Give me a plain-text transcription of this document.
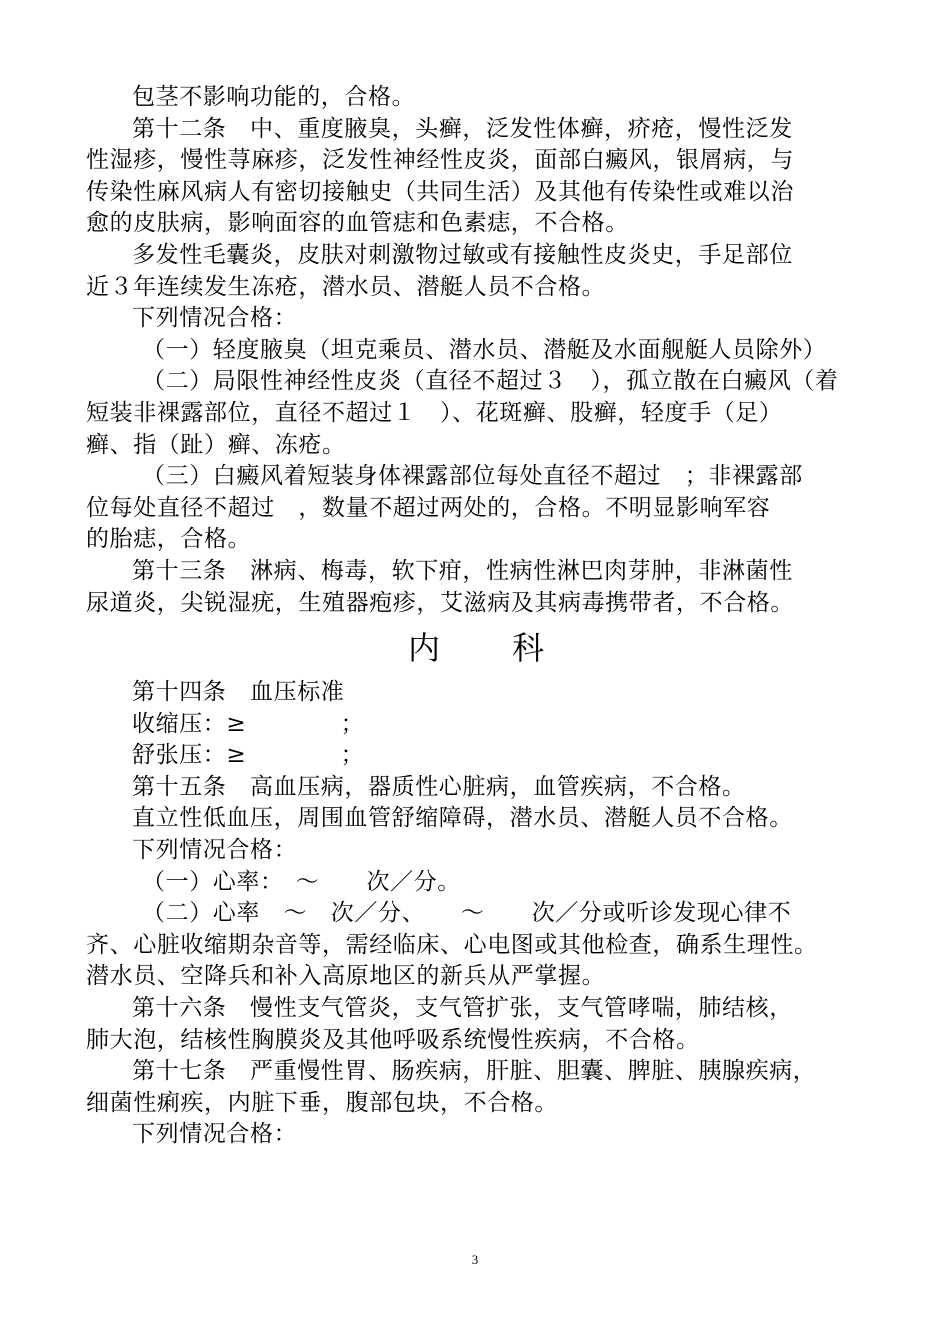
包茎不影响功能的，合格。
第十二条　中、重度腋臭，头癣，泛发性体癣，疥疮，慢性泛发
性湿疹，慢性荨麻疹，泛发性神经性皮炎，面部白癜风，银屑病，与
传染性麻风病人有密切接触史（共同生活）及其他有传染性或难以治
愈的皮肤病，影响面容的血管痣和色素痣，不合格。
多发性毛囊炎，皮肤对刺激物过敏或有接触性皮炎史，手足部位
近３年连续发生冻疮，潜水员、潜艇人员不合格。
下列情况合格：
（一）轻度腋臭（坦克乘员、潜水员、潜艇及水面舰艇人员除外）
（二）局限性神经性皮炎（直径不超过３　），孤立散在白癜风（着
短装非裸露部位，直径不超过１　）、花斑癣、股癣，轻度手（足）
癣、指（趾）癣、冻疮。
（三）白癜风着短装身体裸露部位每处直径不超过　；非裸露部
位每处直径不超过　，数量不超过两处的，合格。不明显影响军容
的胎痣，合格。
第十三条　淋病、梅毒，软下疳，性病性淋巴肉芽肿，非淋菌性
尿道炎，尖锐湿疣，生殖器疱疹，艾滋病及其病毒携带者，不合格。
内科
第十四条　血压标准
收缩压：≥　　　　；
舒张压：≥　　　　；
第十五条　高血压病，器质性心脏病，血管疾病，不合格。
直立性低血压，周围血管舒缩障碍，潜水员、潜艇人员不合格。
下列情况合格：
（一）心率：　～　　次／分。
（二）心率　～　次／分、　　～　　次／分或听诊发现心律不
齐、心脏收缩期杂音等，需经临床、心电图或其他检查，确系生理性。
潜水员、空降兵和补入高原地区的新兵从严掌握。
第十六条　慢性支气管炎，支气管扩张，支气管哮喘，肺结核，
肺大泡，结核性胸膜炎及其他呼吸系统慢性疾病，不合格。
第十七条　严重慢性胃、肠疾病，肝脏、胆囊、脾脏、胰腺疾病，
细菌性痢疾，内脏下垂，腹部包块，不合格。
下列情况合格：
3
